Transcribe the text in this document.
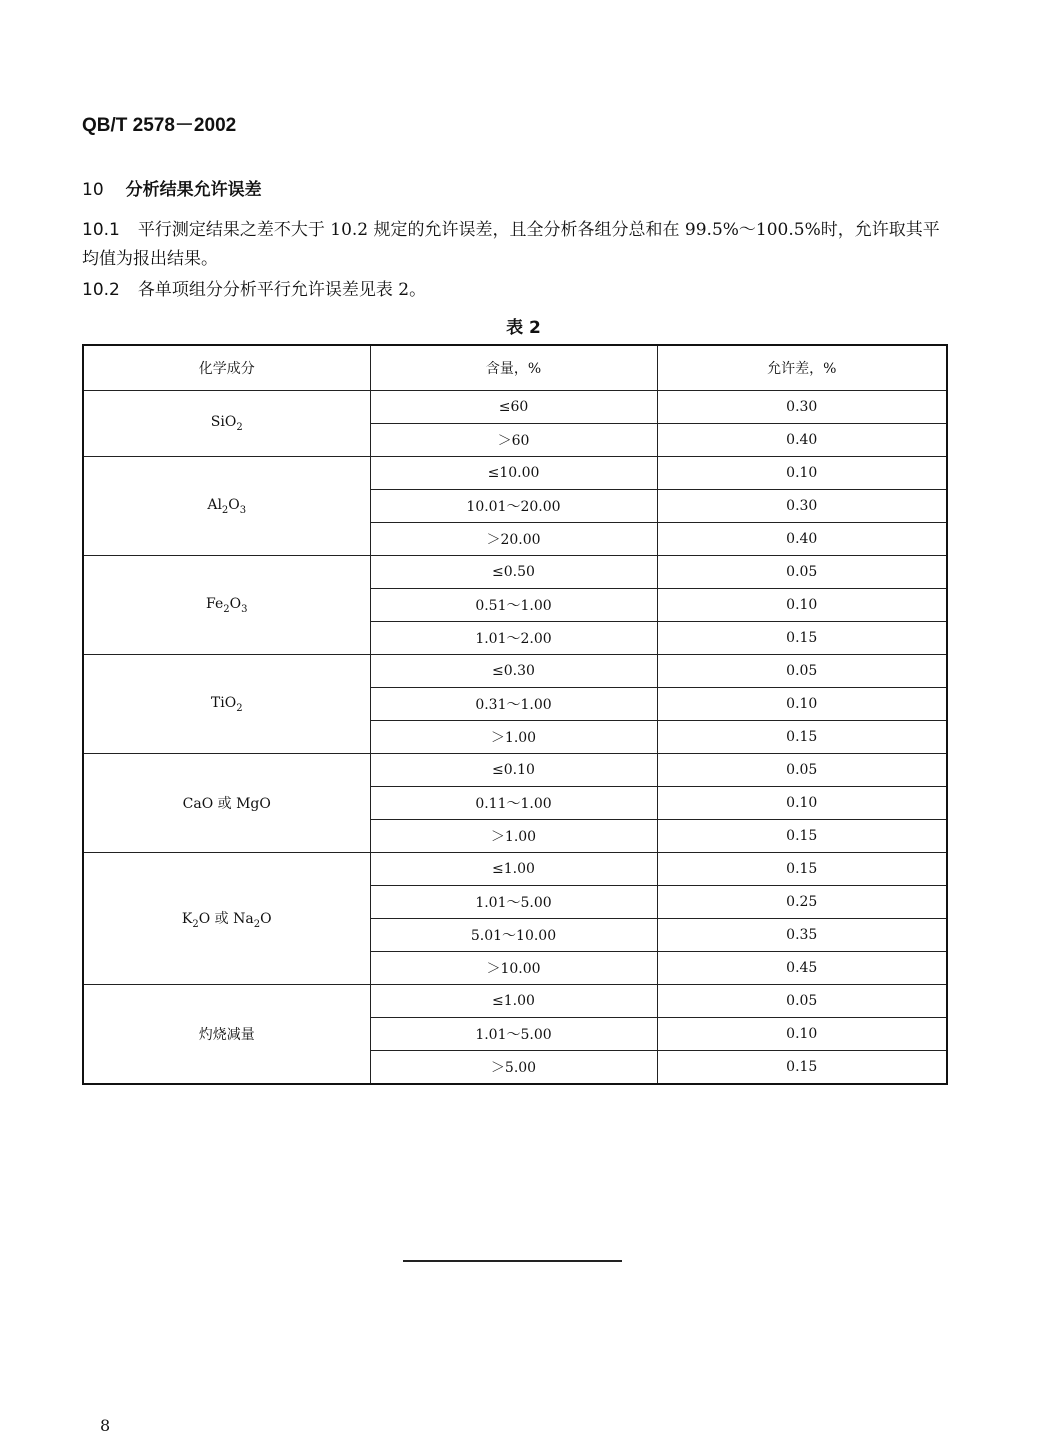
QB/T 2578－2002
10 分析结果允许误差
10.1 平行测定结果之差不大于 10.2 规定的允许误差，且全分析各组分总和在 99.5%～100.5%时，允许取其平均值为报出结果。
10.2 各单项组分分析平行允许误差见表 2。
表 2
化学成分	含量，%	允许差，%
SiO$_2$	≤60	0.30
	＞60	0.40
$Al_2O_3$	≤10.00	0.10
	10.01～20.00	0.30
	＞20.00	0.40
$Fe_2O_3$	≤0.50	0.05
	0.51～1.00	0.10
	1.01～2.00	0.15
TiO$_2$	≤0.30	0.05
	0.31～1.00	0.10
	＞1.00	0.15
CaO 或 MgO	≤0.10	0.05
	0.11～1.00	0.10
	＞1.00	0.15
$K_2O$ 或 $Na_2O$	≤1.00	0.15
	1.01～5.00	0.25
	5.01～10.00	0.35
	＞10.00	0.45
灼烧减量	≤1.00	0.05
	1.01～5.00	0.10
	＞5.00	0.15
8
